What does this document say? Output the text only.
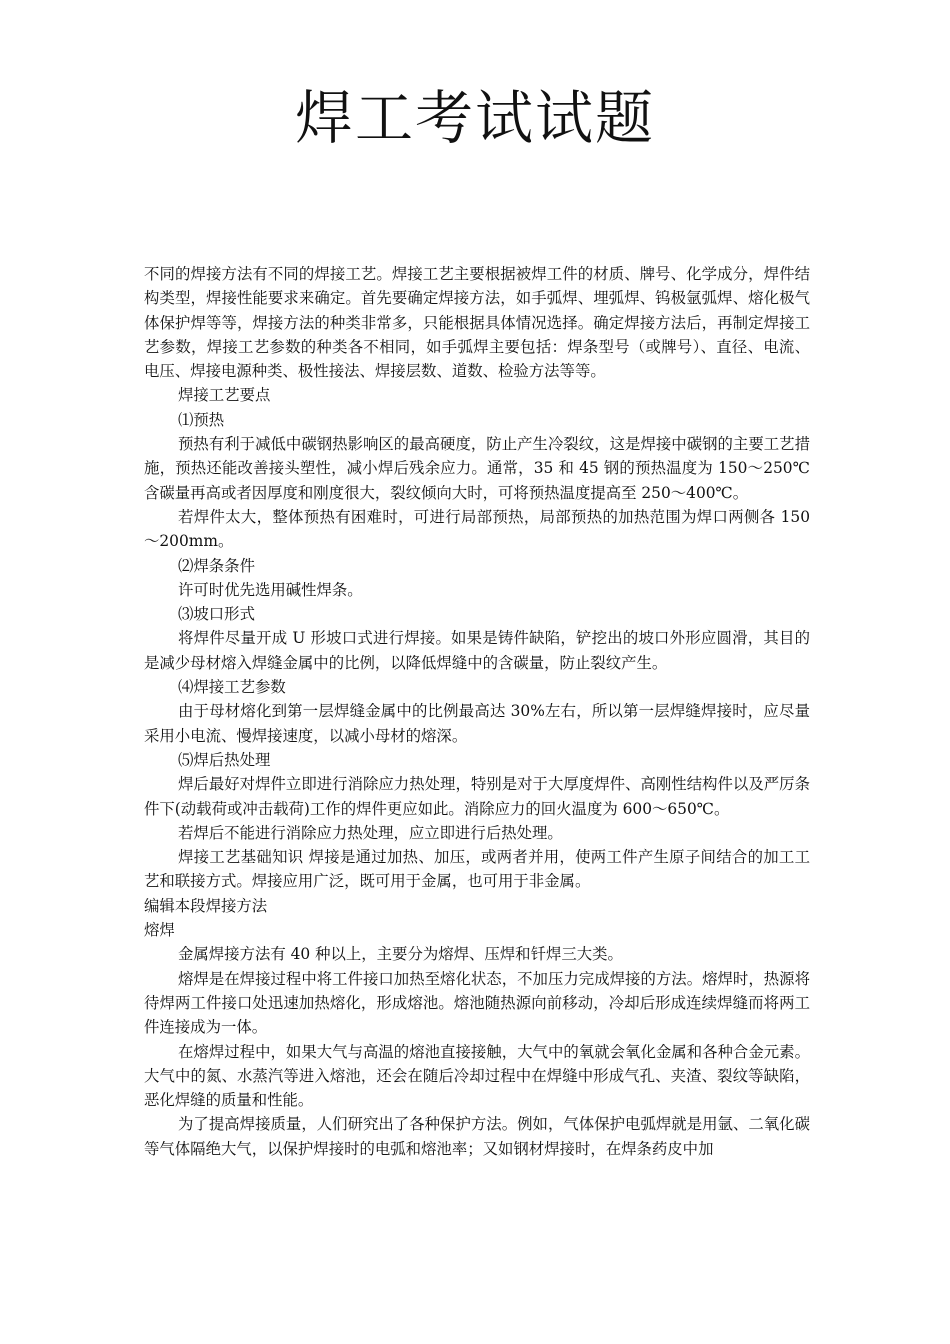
焊工考试试题

不同的焊接方法有不同的焊接工艺。焊接工艺主要根据被焊工件的材质、牌号、化学成分，焊件结构类型，焊接性能要求来确定。首先要确定焊接方法，如手弧焊、埋弧焊、钨极氩弧焊、熔化极气体保护焊等等，焊接方法的种类非常多，只能根据具体情况选择。确定焊接方法后，再制定焊接工艺参数，焊接工艺参数的种类各不相同，如手弧焊主要包括：焊条型号（或牌号）、直径、电流、电压、焊接电源种类、极性接法、焊接层数、道数、检验方法等等。

焊接工艺要点

⑴预热

预热有利于减低中碳钢热影响区的最高硬度，防止产生冷裂纹，这是焊接中碳钢的主要工艺措施，预热还能改善接头塑性，减小焊后残余应力。通常，35 和 45 钢的预热温度为 150～250℃含碳量再高或者因厚度和刚度很大，裂纹倾向大时，可将预热温度提高至 250～400℃。

若焊件太大，整体预热有困难时，可进行局部预热，局部预热的加热范围为焊口两侧各 150～200mm。

⑵焊条条件

许可时优先选用碱性焊条。

⑶坡口形式

将焊件尽量开成 U 形坡口式进行焊接。如果是铸件缺陷，铲挖出的坡口外形应圆滑，其目的是减少母材熔入焊缝金属中的比例，以降低焊缝中的含碳量，防止裂纹产生。

⑷焊接工艺参数

由于母材熔化到第一层焊缝金属中的比例最高达 30%左右，所以第一层焊缝焊接时，应尽量采用小电流、慢焊接速度，以减小母材的熔深。

⑸焊后热处理

焊后最好对焊件立即进行消除应力热处理，特别是对于大厚度焊件、高刚性结构件以及严厉条件下(动载荷或冲击载荷)工作的焊件更应如此。消除应力的回火温度为 600～650℃。

若焊后不能进行消除应力热处理，应立即进行后热处理。

焊接工艺基础知识 焊接是通过加热、加压，或两者并用，使两工件产生原子间结合的加工工艺和联接方式。焊接应用广泛，既可用于金属，也可用于非金属。

编辑本段焊接方法

熔焊

金属焊接方法有 40 种以上，主要分为熔焊、压焊和钎焊三大类。

熔焊是在焊接过程中将工件接口加热至熔化状态，不加压力完成焊接的方法。熔焊时，热源将待焊两工件接口处迅速加热熔化，形成熔池。熔池随热源向前移动，冷却后形成连续焊缝而将两工件连接成为一体。

在熔焊过程中，如果大气与高温的熔池直接接触，大气中的氧就会氧化金属和各种合金元素。大气中的氮、水蒸汽等进入熔池，还会在随后冷却过程中在焊缝中形成气孔、夹渣、裂纹等缺陷，恶化焊缝的质量和性能。

为了提高焊接质量，人们研究出了各种保护方法。例如，气体保护电弧焊就是用氩、二氧化碳等气体隔绝大气，以保护焊接时的电弧和熔池率；又如钢材焊接时，在焊条药皮中加
